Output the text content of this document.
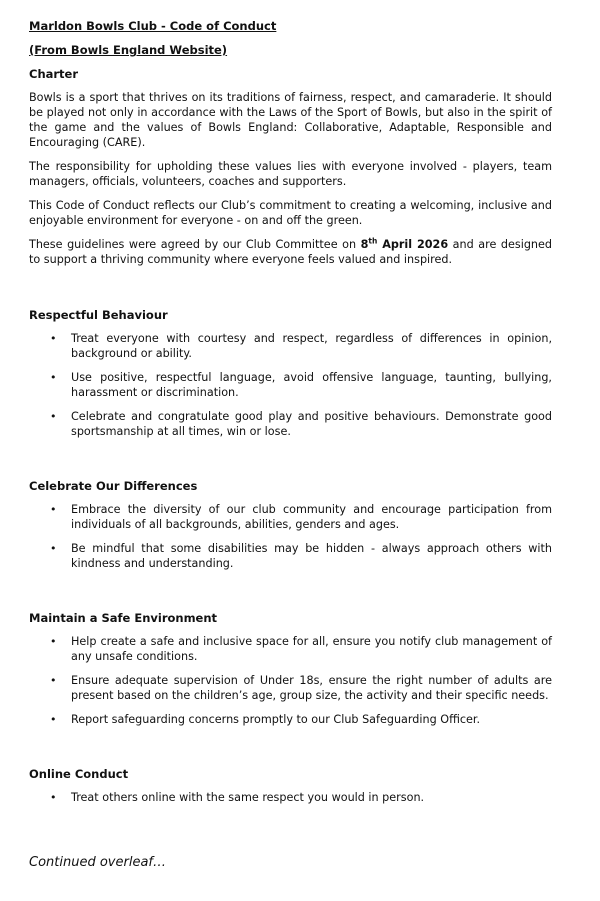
Marldon Bowls Club - Code of Conduct
(From Bowls England Website)
Charter

Bowls is a sport that thrives on its traditions of fairness, respect, and camaraderie. It should be played not only in accordance with the Laws of the Sport of Bowls, but also in the spirit of the game and the values of Bowls England: Collaborative, Adaptable, Responsible and Encouraging (CARE).

The responsibility for upholding these values lies with everyone involved - players, team managers, officials, volunteers, coaches and supporters.

This Code of Conduct reflects our Club’s commitment to creating a welcoming, inclusive and enjoyable environment for everyone - on and off the green.

These guidelines were agreed by our Club Committee on 8th April 2026 and are designed to support a thriving community where everyone feels valued and inspired.

Respectful Behaviour
• Treat everyone with courtesy and respect, regardless of differences in opinion, background or ability.
• Use positive, respectful language, avoid offensive language, taunting, bullying, harassment or discrimination.
• Celebrate and congratulate good play and positive behaviours. Demonstrate good sportsmanship at all times, win or lose.
Celebrate Our Differences
• Embrace the diversity of our club community and encourage participation from individuals of all backgrounds, abilities, genders and ages.
• Be mindful that some disabilities may be hidden - always approach others with kindness and understanding.
Maintain a Safe Environment
• Help create a safe and inclusive space for all, ensure you notify club management of any unsafe conditions.
• Ensure adequate supervision of Under 18s, ensure the right number of adults are present based on the children’s age, group size, the activity and their specific needs.
• Report safeguarding concerns promptly to our Club Safeguarding Officer.
Online Conduct
• Treat others online with the same respect you would in person.
Continued overleaf…
